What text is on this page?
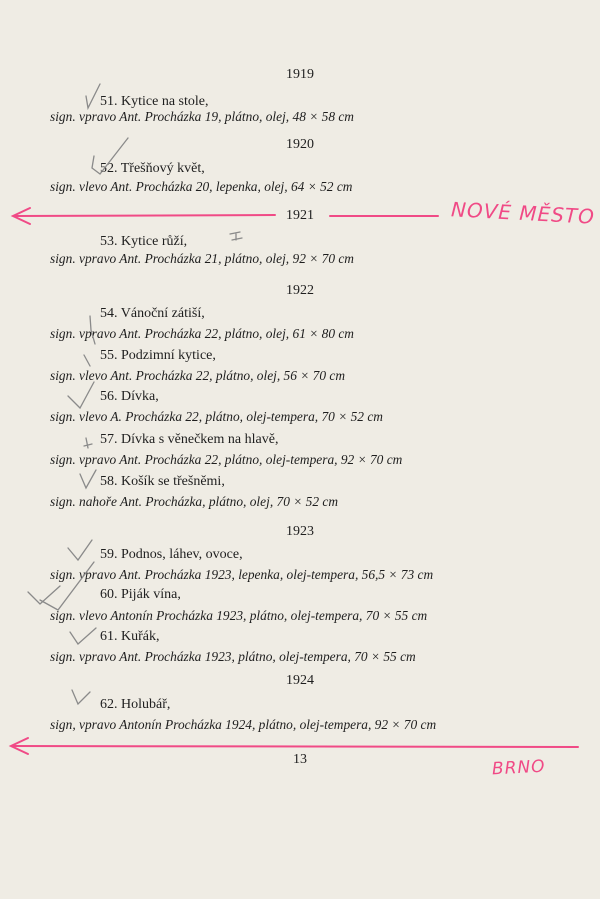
1919
51. Kytice na stole,
sign. vpravo Ant. Procházka 19, plátno, olej, 48 × 58 cm
1920
52. Třešňový květ,
sign. vlevo Ant. Procházka 20, lepenka, olej, 64 × 52 cm
1921
53. Kytice růží,
sign. vpravo Ant. Procházka 21, plátno, olej, 92 × 70 cm
1922
54. Vánoční zátiší,
sign. vpravo Ant. Procházka 22, plátno, olej, 61 × 80 cm
55. Podzimní kytice,
sign. vlevo Ant. Procházka 22, plátno, olej, 56 × 70 cm
56. Dívka,
sign. vlevo A. Procházka 22, plátno, olej-tempera, 70 × 52 cm
57. Dívka s věnečkem na hlavě,
sign. vpravo Ant. Procházka 22, plátno, olej-tempera, 92 × 70 cm
58. Košík se třešněmi,
sign. nahoře Ant. Procházka, plátno, olej, 70 × 52 cm
1923
59. Podnos, láhev, ovoce,
sign. vpravo Ant. Procházka 1923, lepenka, olej-tempera, 56,5 × 73 cm
60. Piják vína,
sign. vlevo Antonín Procházka 1923, plátno, olej-tempera, 70 × 55 cm
61. Kuřák,
sign. vpravo Ant. Procházka 1923, plátno, olej-tempera, 70 × 55 cm
1924
62. Holubář,
sign, vpravo Antonín Procházka 1924, plátno, olej-tempera, 92 × 70 cm
13
NOVÉ MĚSTO
BRNO
